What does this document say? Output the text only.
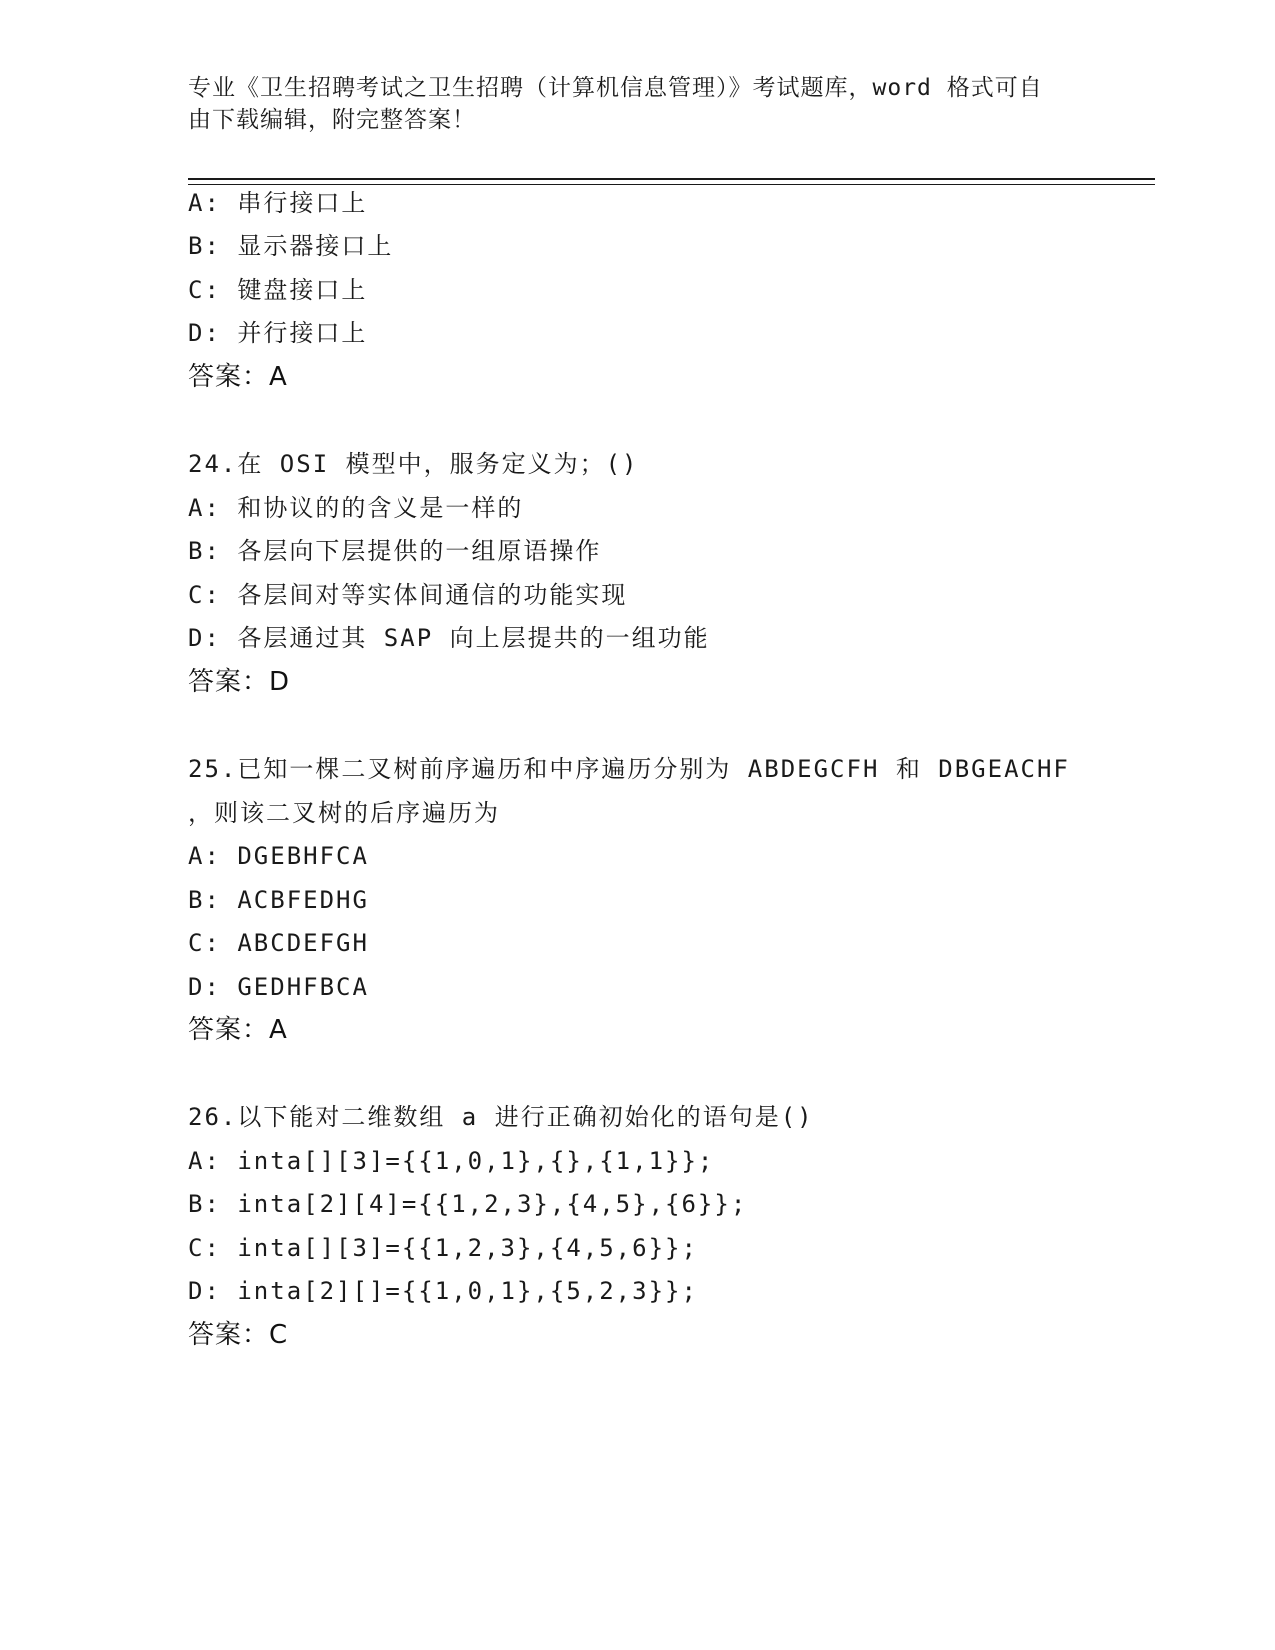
专业《卫生招聘考试之卫生招聘（计算机信息管理）》考试题库，word 格式可自
由下载编辑，附完整答案！
A: 串行接口上
B: 显示器接口上
C: 键盘接口上
D: 并行接口上
答案：A
24.在 OSI 模型中，服务定义为；()
A: 和协议的的含义是一样的
B: 各层向下层提供的一组原语操作
C: 各层间对等实体间通信的功能实现
D: 各层通过其 SAP 向上层提共的一组功能
答案：D
25.已知一棵二叉树前序遍历和中序遍历分别为 ABDEGCFH 和 DBGEACHF
，则该二叉树的后序遍历为
A: DGEBHFCA
B: ACBFEDHG
C: ABCDEFGH
D: GEDHFBCA
答案：A
26.以下能对二维数组 a 进行正确初始化的语句是()
A: inta[][3]={{1,0,1},{},{1,1}};
B: inta[2][4]={{1,2,3},{4,5},{6}};
C: inta[][3]={{1,2,3},{4,5,6}};
D: inta[2][]={{1,0,1},{5,2,3}};
答案：C
